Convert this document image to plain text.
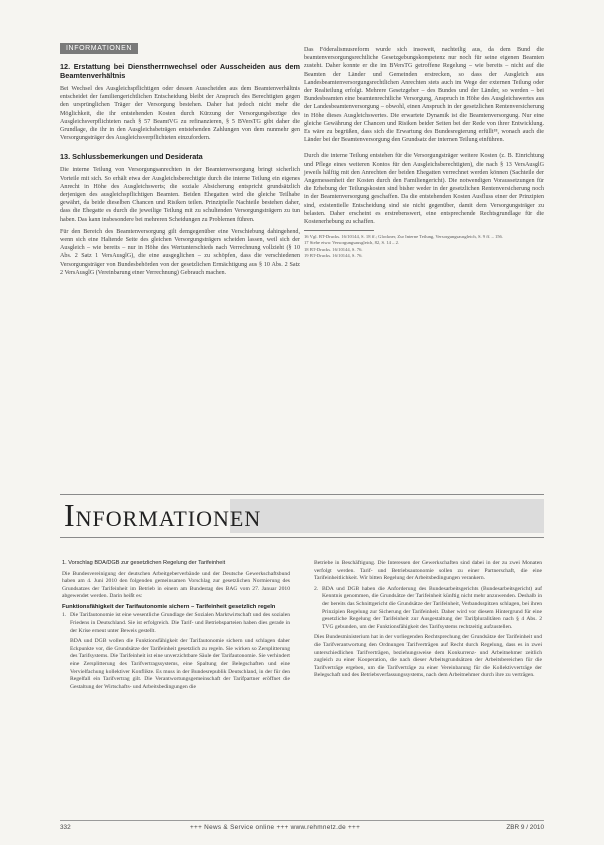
INFORMATIONEN
12. Erstattung bei Dienstherrnwechsel oder Ausscheiden aus dem Beamtenverhältnis

Bei Wechsel des Ausgleichspflichtigen oder dessen Ausscheiden aus dem Beamtenverhältnis entscheidet der familiengerichtlichen Entscheidung bleibt der Anspruch des Berechtigten gegen den ursprünglichen Träger der Versorgung bestehen. Daher hat jedoch nicht mehr die Möglichkeit, die ihr entstehenden Kosten durch Kürzung der Versorgungsbezüge des Ausgleichsverpflichteten nach § 57 BeamtVG zu refinanzieren, § 5 BVersTG gibt daher die Grundlage, die ihr in den Ausgleichsbeträgen entstehenden Zahlungen von dem nunmehr gen Versorgungsträger des Ausgleichsverpflichteten einzufordern.

13. Schlussbemerkungen und Desiderata

Die interne Teilung von Versorgungsanrechten in der Beamtenversorgung bringt sicherlich Vorteile mit sich. So erhält etwa der Ausgleichsberechtigte durch die interne Teilung ein eigenes Anrecht in Höhe des Ausgleichswerts; die soziale Absicherung entspricht grundsätzlich derjenigen des ausgleichspflichtigen Beamten. Beiden Ehegatten wird die gleiche Teilhabe gewährt, da beide dieselben Chancen und Risiken teilen. Prinzipielle Nachteile bestehen daher, dass die Ehegatte es durch die jeweilige Teilung mit zu schultenden Versorgungsträgern zu tun haben. Das kann insbesondere bei mehreren Scheidungen zu Problemen führen.

Für den Bereich des Beamtenversorgung gilt demgegenüber eine Verschiebung dahingehend, wenn sich eine Haltende Seite des gleichen Versorgungsträgers scheiden lassen, weil sich der Ausgleich – wie bereits – nur in Höhe des Wertunterschieds nach Verrechnung vollzieht (§ 10 Abs. 2 Satz 1 VersAusglG), die eine ausgeglichen – zu schöpfen, dass die verschiedenen Versorgungsträger von Bundesbehörden von der gesetzlichen Ermächtigung aus § 10 Abs. 2 Satz 2 VersAusglG (Vereinbarung einer Verrechnung) Gebrauch machen.

Das Föderalismusreform wurde sich insoweit, nachteilig aus, da dem Bund die beamtenversorgungsrechtliche Gesetzgebungskompetenz nur noch für seine eigenen Beamten zusteht. Daher konnte er die im BVersTG getroffene Regelung – wie bereits – nicht auf die Beamten der Länder und Gemeinden erstrecken, so dass der Ausgleich aus Landesbeamtenversorgungsrechtlichen Anrechten stets auch im Wege der externen Teilung oder der Realteilung erfolgt. Mehrere Gesetzgeber – des Bundes und der Länder, so werden – bei Bundesbeamten eine beamtenrechtliche Versorgung, Anspruch in Höhe des Ausgleichswertes aus der Landesbeamtenversorgung – obwohl, einen Anspruch in der gesetzlichen Rentenversicherung in Höhe dieses Ausgleichswertes. Die erwartete Dynamik ist die Beamtenversorgung. Nur eine gleiche Gewährung der Chancen und Risiken beider Seiten bei der Rede von ihrer Entwicklung. Es wäre zu begrüßen, dass sich die Erwartung des Bundesregierung erfüllt¹⁸, wonach auch die Länder bei der Beamtenversorgung den Grundsatz der internen Teilung einführen.

Durch die interne Teilung entstehen für die Versorgungsträger weitere Kosten (z. B. Einrichtung und Pflege eines weiteren Kontos für den Ausgleichsberechtigten), die nach § 13 VersAusglG jeweils hälftig mit den Anrechten der beiden Ehegatten verrechnet werden können (Sachteile der Angemessenheit der Kosten durch den Familiengericht). Die notwendigen Voraussetzungen für die Erhebung der Teilungskosten sind bisher weder in der gesetzlichen Rentenversicherung noch in der Beamtenversorgung geschaffen. Da die entstehenden Kosten Ausfluss einer der Prinzipien sind, existentielle Entscheidung sind sie nicht gegenüber, damit dem Versorgungsträger zu belasten. Daher erscheint es erstrebenswert, eine entsprechende Rechtsgrundlage für die Kostenerhebung zu schaffen.

16 Vgl. BT-Drucks. 16/10144, S. 18 ff.; Glockner, Zur Interne Teilung, Versorgungsausgleich, S. 9 ff. – 156.
17 Siehe etwa: Versorgungsausgleich, 82, S. 14 – 2.
18 BT-Drucks. 16/10144, S. 76.
19 BT-Drucks. 16/10144, S. 76.
Informationen

1. Vorschlag BDA/DGB zur gesetzlichen Regelung der Tarifeinheit

Die Bundesvereinigung der deutschen Arbeitgeberverbände und der Deutsche Gewerkschaftsbund haben am 4. Juni 2010 den folgenden gemeinsamen Vorschlag zur gesetzlichen Normierung des Grundsatzes der Tarifeinheit im Betrieb in einem am Bundestag des BAG vom 27. Januar 2010 abgewendet werden. Darin heißt es:

Funktionsfähigkeit der Tarifautonomie sichern – Tarifeinheit gesetzlich regeln
1. Die Tarifautonomie ist eine wesentliche Grundlage der Sozialen Marktwirtschaft und des sozialen Friedens in Deutschland. Sie ist erfolgreich. Die Tarif- und Betriebsparteien haben dies gerade in der Krise erneut unter Beweis gestellt.
BDA und DGB wollen die Funktionsfähigkeit der Tarifautonomie sichern und schlagen daher Eckpunkte vor, die Grundsätze der Tarifeinheit gesetzlich zu regeln. Sie wirken so Zersplitterung des Tarifsystems. Die Tarifeinheit ist eine unverzichtbare Säule der Tarifautonomie. Sie verhindert eine Zersplitterung des Tarifvertragssystems, eine Spaltung der Belegschaften und eine Vervielfachung kollektiver Konflikte. Es muss in der Bundesrepublik Deutschland, in der für den Regelfall ein Tarifvertrag gilt. Die Verantwortungsgemeinschaft der Tarifpartner eröffnet die Gestaltung der Wirtschafts- und Arbeitsbedingungen die

Betriebe in Beschäftigung. Die Interessen der Gewerkschaften sind dabei in der zu zwei Monaten verfolgt werden. Tarif- und Betriebsautonomie sollen zu einer Partnerschaft, die eine Tarifeinheitlichkeit. Wir bitten Regelung der Arbeitsbedingungen verankern.

2. BDA und DGB haben die Anforderung des Bundesarbeitsgerichts (Bundesarbeitsgericht) auf Kenntnis genommen, die Grundsätze der Tarifeinheit künftig nicht mehr anzuwenden. Deshalb in der bereits das Schnittgericht die Grundsätze der Tarifeinheit, Verbandsspitzen schlagen, bei ihren Prinzipien Regelung zur Sicherung der Tarifeinheit. Daher wird vor diesem Hintergrund für eine gesetzliche Regelung der Tarifeinheit zur Ausgestaltung der Tarifpluralitäten nach § 4 Abs. 2 TVG gebunden, um der Funktionsfähigkeit des Tarifsystems rechtzeitig aufzustellen.

Dies Bundesministerium hat in der vorliegenden Rechtsprechung der Grundsätze der Tarifeinheit und die Tarifverantwortung den Ordnungen Tarifverträgen auf Recht durch Regelung, dass es in zwei unterschiedlichen Tarifverträgen, beziehungsweise dem Konkurrenz- und Arbeitnehmer zeitlich zugleich zu einer Kooperation, die nach dieser Arbeitsgrundsätzen der Arbeitsbereichen für die Tarifverträge ergeben, um die Tarifverträge zu einer Vereinbarung für die Kollektivverträge der Belegschaft und des Betriebsverfassungssystems, nach dem Arbeitnehmer durch ihre zu verträgen.

332	+++ News & Service online +++ www.rehmnetz.de +++	ZBR 9 / 2010
